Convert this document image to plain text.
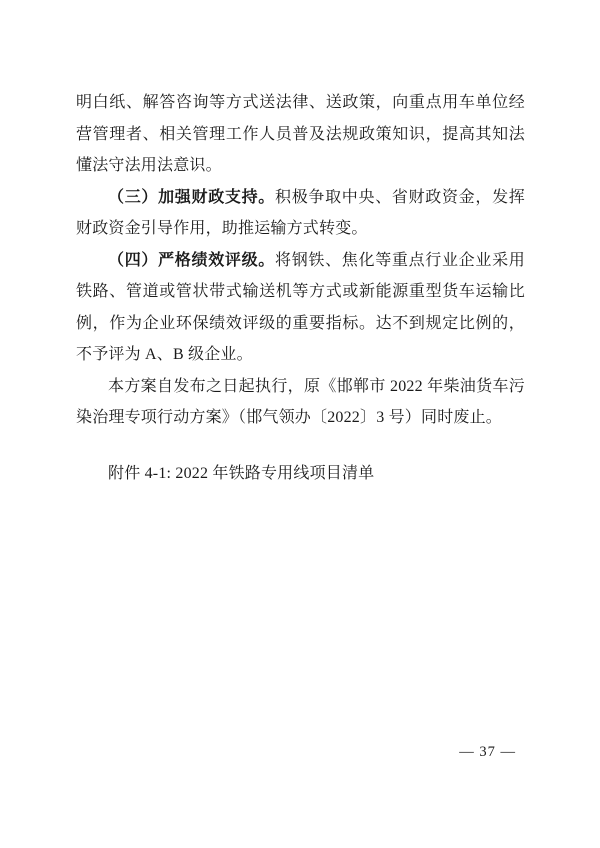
明白纸、解答咨询等方式送法律、送政策，向重点用车单位经营管理者、相关管理工作人员普及法规政策知识，提高其知法懂法守法用法意识。

（三）加强财政支持。积极争取中央、省财政资金，发挥财政资金引导作用，助推运输方式转变。

（四）严格绩效评级。将钢铁、焦化等重点行业企业采用铁路、管道或管状带式输送机等方式或新能源重型货车运输比例，作为企业环保绩效评级的重要指标。达不到规定比例的，不予评为 A、B 级企业。

本方案自发布之日起执行，原《邯郸市 2022 年柴油货车污染治理专项行动方案》（邯气领办〔2022〕3 号）同时废止。

附件 4-1: 2022 年铁路专用线项目清单

— 37 —
